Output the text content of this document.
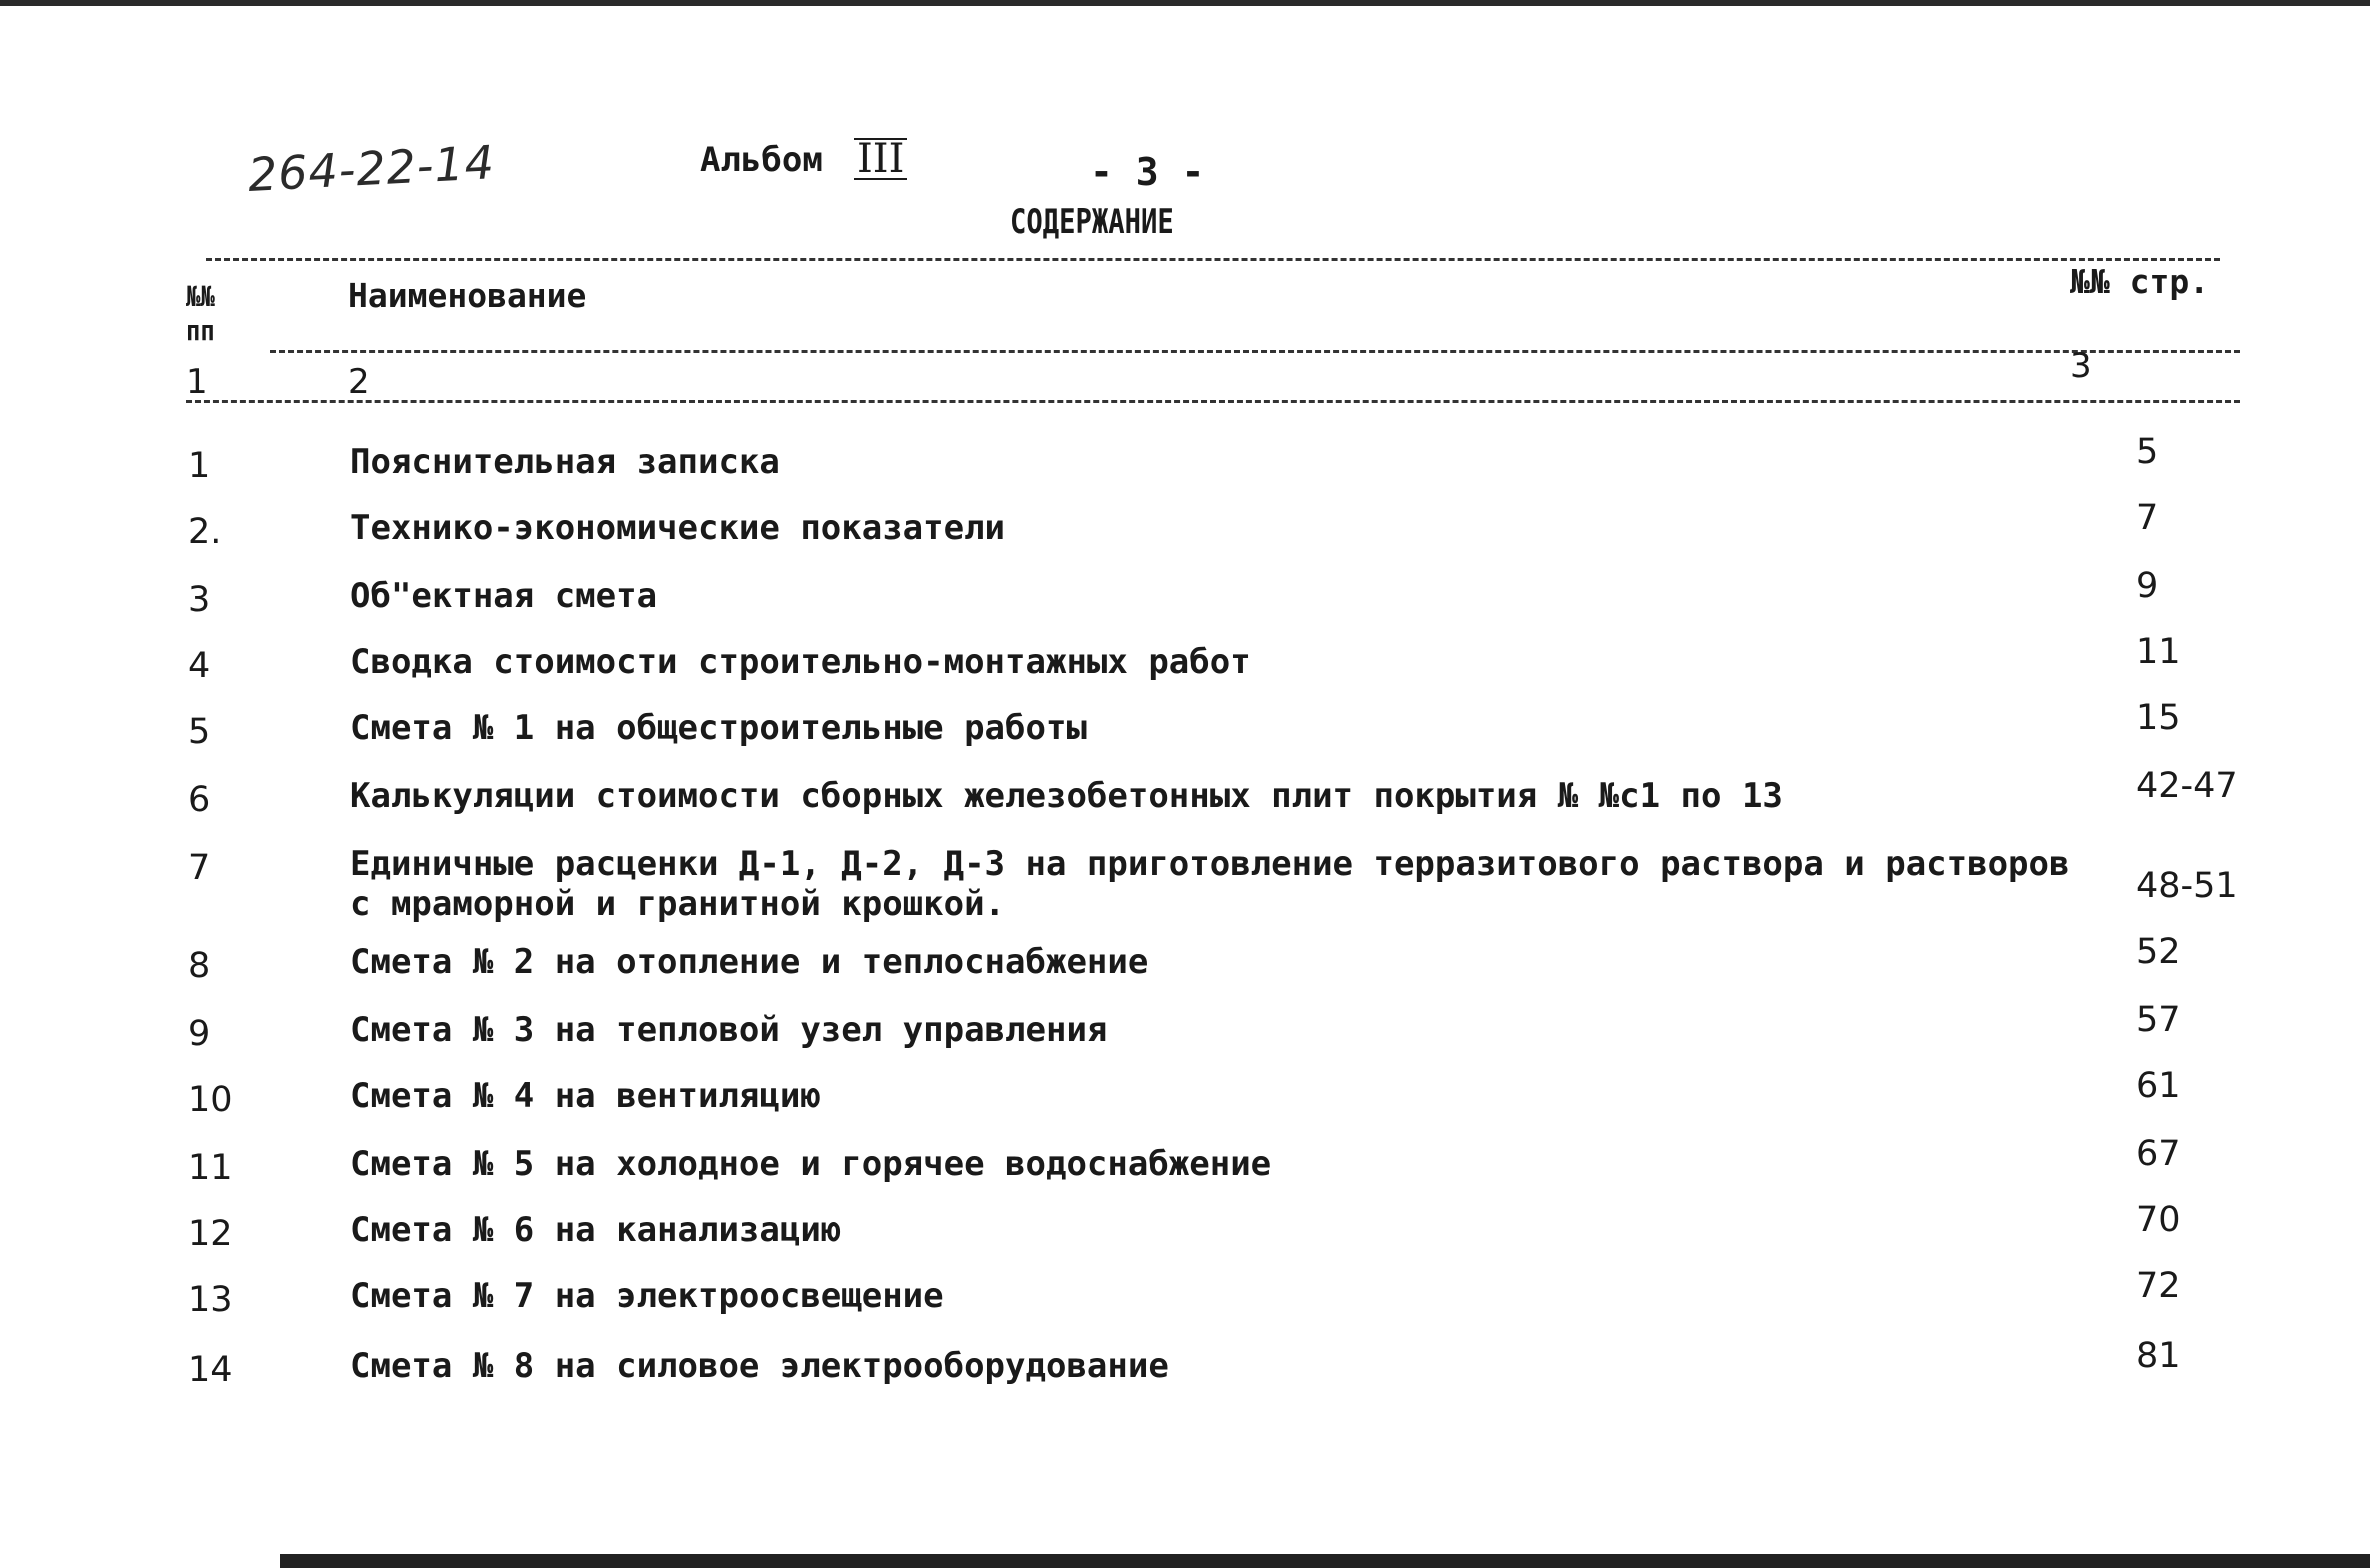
264-22-14	Альбом III	- 3 -
СОДЕРЖАНИЕ
№№
пп
Наименование	№№ стр.
1	2	3
1	Пояснительная записка	5
2.	Технико-экономические показатели	7
3	Об"ектная смета	9
4	Сводка стоимости строительно-монтажных работ	11
5	Смета № 1 на общестроительные работы	15
6	Калькуляции стоимости сборных железобетонных плит покрытия № №с1 по 13	42-47
7	Единичные расценки Д-1, Д-2, Д-3 на приготовление терразитового раствора и растворов
с мраморной и гранитной крошкой.	48-51
8	Смета № 2 на отопление и теплоснабжение	52
9	Смета № 3 на тепловой узел управления	57
10	Смета № 4 на вентиляцию	61
11	Смета № 5 на холодное и горячее водоснабжение	67
12	Смета № 6 на канализацию	70
13	Смета № 7 на электроосвещение	72
14	Смета № 8 на силовое электрооборудование	81
